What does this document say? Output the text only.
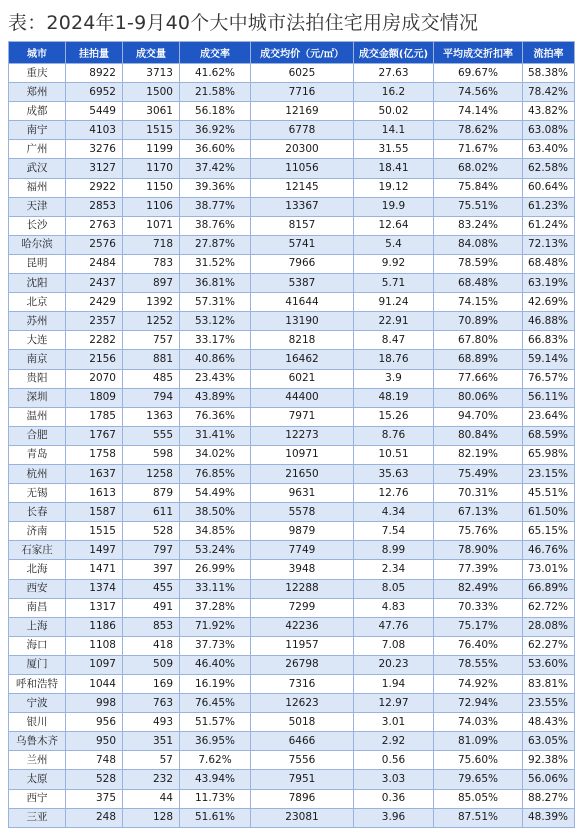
表：2024年1-9月40个大中城市法拍住宅用房成交情况
城市	挂拍量	成交量	成交率	成交均价（元/㎡）	成交金额(亿元)	平均成交折扣率	流拍率
重庆	8922	3713	41.62%	6025	27.63	69.67%	58.38%
郑州	6952	1500	21.58%	7716	16.2	74.56%	78.42%
成都	5449	3061	56.18%	12169	50.02	74.14%	43.82%
南宁	4103	1515	36.92%	6778	14.1	78.62%	63.08%
广州	3276	1199	36.60%	20300	31.55	71.67%	63.40%
武汉	3127	1170	37.42%	11056	18.41	68.02%	62.58%
福州	2922	1150	39.36%	12145	19.12	75.84%	60.64%
天津	2853	1106	38.77%	13367	19.9	75.51%	61.23%
长沙	2763	1071	38.76%	8157	12.64	83.24%	61.24%
哈尔滨	2576	718	27.87%	5741	5.4	84.08%	72.13%
昆明	2484	783	31.52%	7966	9.92	78.59%	68.48%
沈阳	2437	897	36.81%	5387	5.71	68.48%	63.19%
北京	2429	1392	57.31%	41644	91.24	74.15%	42.69%
苏州	2357	1252	53.12%	13190	22.91	70.89%	46.88%
大连	2282	757	33.17%	8218	8.47	67.80%	66.83%
南京	2156	881	40.86%	16462	18.76	68.89%	59.14%
贵阳	2070	485	23.43%	6021	3.9	77.66%	76.57%
深圳	1809	794	43.89%	44400	48.19	80.06%	56.11%
温州	1785	1363	76.36%	7971	15.26	94.70%	23.64%
合肥	1767	555	31.41%	12273	8.76	80.84%	68.59%
青岛	1758	598	34.02%	10971	10.51	82.19%	65.98%
杭州	1637	1258	76.85%	21650	35.63	75.49%	23.15%
无锡	1613	879	54.49%	9631	12.76	70.31%	45.51%
长春	1587	611	38.50%	5578	4.34	67.13%	61.50%
济南	1515	528	34.85%	9879	7.54	75.76%	65.15%
石家庄	1497	797	53.24%	7749	8.99	78.90%	46.76%
北海	1471	397	26.99%	3948	2.34	77.39%	73.01%
西安	1374	455	33.11%	12288	8.05	82.49%	66.89%
南昌	1317	491	37.28%	7299	4.83	70.33%	62.72%
上海	1186	853	71.92%	42236	47.76	75.17%	28.08%
海口	1108	418	37.73%	11957	7.08	76.40%	62.27%
厦门	1097	509	46.40%	26798	20.23	78.55%	53.60%
呼和浩特	1044	169	16.19%	7316	1.94	74.92%	83.81%
宁波	998	763	76.45%	12623	12.97	72.94%	23.55%
银川	956	493	51.57%	5018	3.01	74.03%	48.43%
乌鲁木齐	950	351	36.95%	6466	2.92	81.09%	63.05%
兰州	748	57	7.62%	7556	0.56	75.60%	92.38%
太原	528	232	43.94%	7951	3.03	79.65%	56.06%
西宁	375	44	11.73%	7896	0.36	85.05%	88.27%
三亚	248	128	51.61%	23081	3.96	87.51%	48.39%
